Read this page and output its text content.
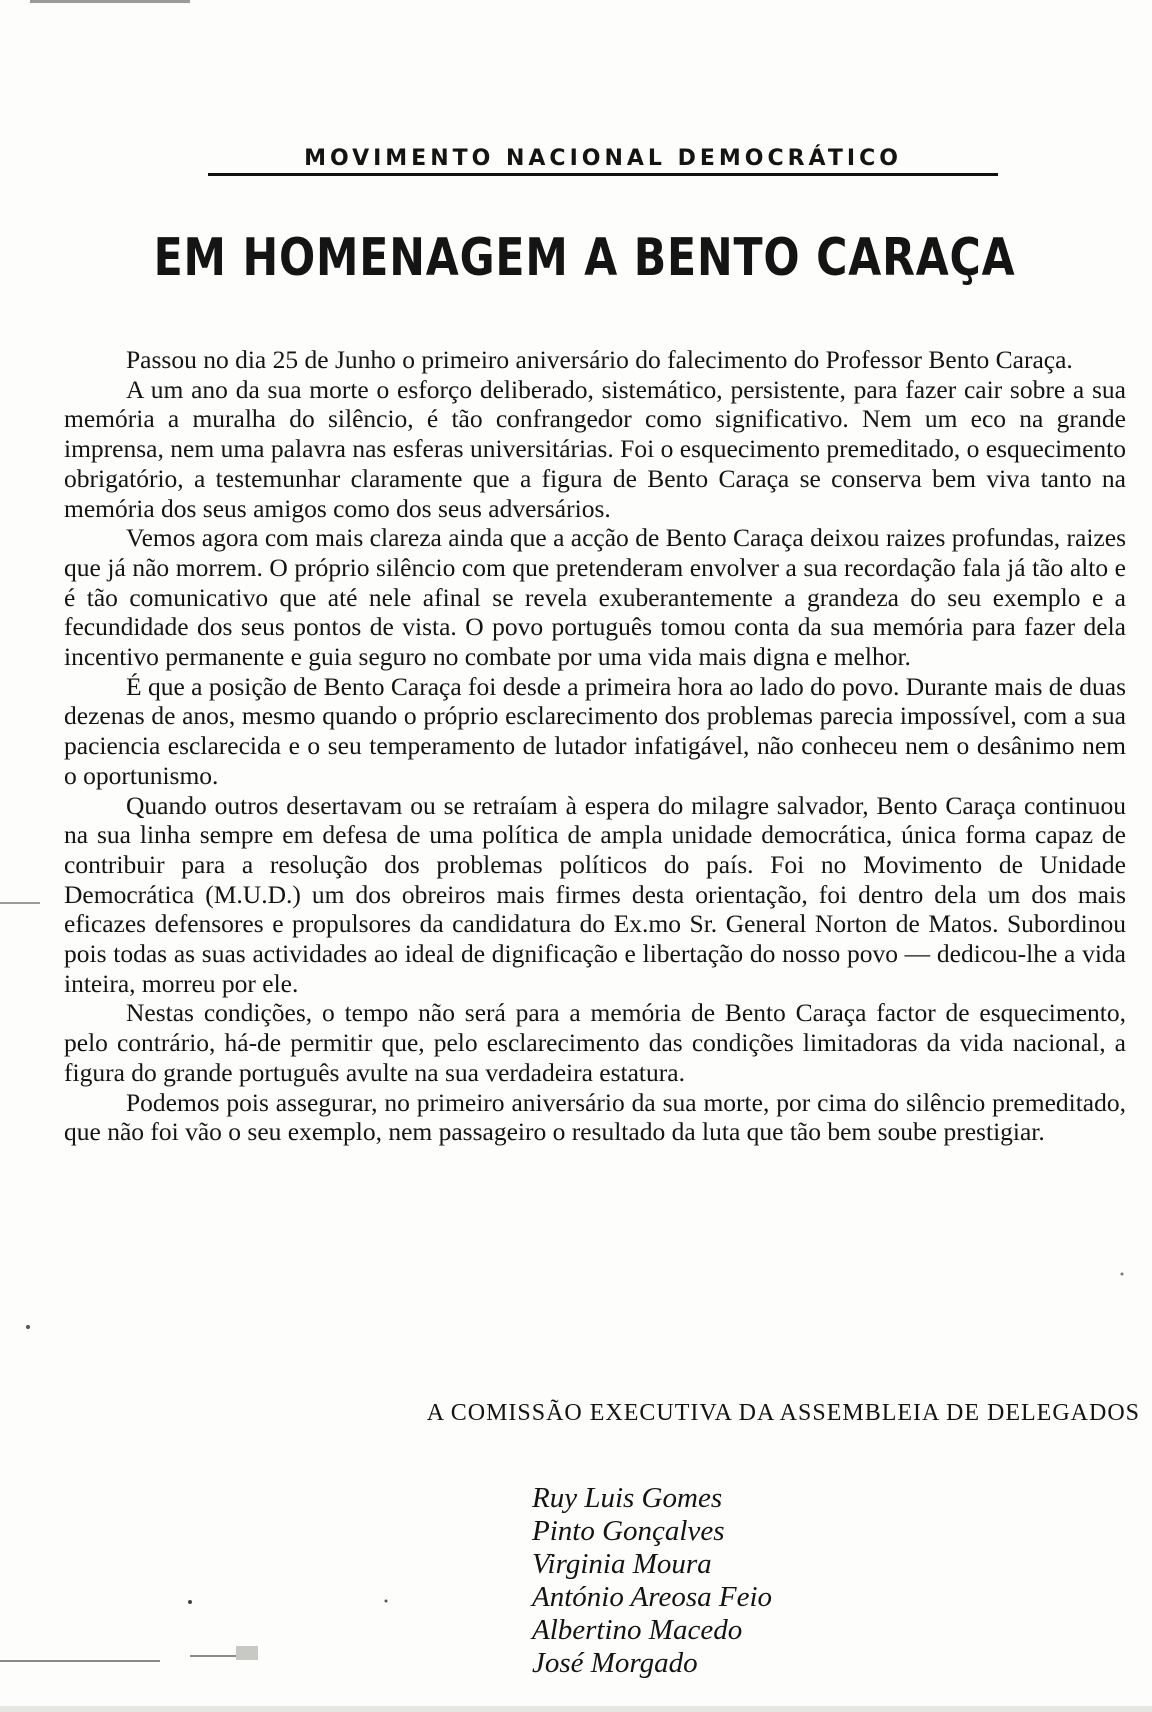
MOVIMENTO NACIONAL DEMOCRÁTICO
EM HOMENAGEM A BENTO CARAÇA

Passou no dia 25 de Junho o primeiro aniversário do falecimento do Professor Bento Caraça.

A um ano da sua morte o esforço deliberado, sistemático, persistente, para fazer cair sobre a sua memória a muralha do silêncio, é tão confrangedor como significativo. Nem um eco na grande imprensa, nem uma palavra nas esferas universitárias. Foi o esquecimento premeditado, o esquecimento obrigatório, a testemunhar claramente que a figura de Bento Caraça se conserva bem viva tanto na memória dos seus amigos como dos seus adversários.

Vemos agora com mais clareza ainda que a acção de Bento Caraça deixou raizes profundas, raizes que já não morrem. O próprio silêncio com que pretenderam envolver a sua recordação fala já tão alto e é tão comunicativo que até nele afinal se revela exuberantemente a grandeza do seu exemplo e a fecundidade dos seus pontos de vista. O povo português tomou conta da sua memória para fazer dela incentivo permanente e guia seguro no combate por uma vida mais digna e melhor.

É que a posição de Bento Caraça foi desde a primeira hora ao lado do povo. Durante mais de duas dezenas de anos, mesmo quando o próprio esclarecimento dos problemas parecia impossível, com a sua paciencia esclarecida e o seu temperamento de lutador infatigável, não conheceu nem o desânimo nem o oportunismo.

Quando outros desertavam ou se retraíam à espera do milagre salvador, Bento Caraça continuou na sua linha sempre em defesa de uma política de ampla unidade democrática, única forma capaz de contribuir para a resolução dos problemas políticos do país. Foi no Movimento de Unidade Democrática (M.U.D.) um dos obreiros mais firmes desta orientação, foi dentro dela um dos mais eficazes defensores e propulsores da candidatura do Ex.mo Sr. General Norton de Matos. Subordinou pois todas as suas actividades ao ideal de dignificação e libertação do nosso povo — dedicou-lhe a vida inteira, morreu por ele.

Nestas condições, o tempo não será para a memória de Bento Caraça factor de esquecimento, pelo contrário, há-de permitir que, pelo esclarecimento das condições limitadoras da vida nacional, a figura do grande português avulte na sua verdadeira estatura.

Podemos pois assegurar, no primeiro aniversário da sua morte, por cima do silêncio premeditado, que não foi vão o seu exemplo, nem passageiro o resultado da luta que tão bem soube prestigiar.

A COMISSÃO EXECUTIVA DA ASSEMBLEIA DE DELEGADOS
Ruy Luis Gomes
Pinto Gonçalves
Virginia Moura
António Areosa Feio
Albertino Macedo
José Morgado
